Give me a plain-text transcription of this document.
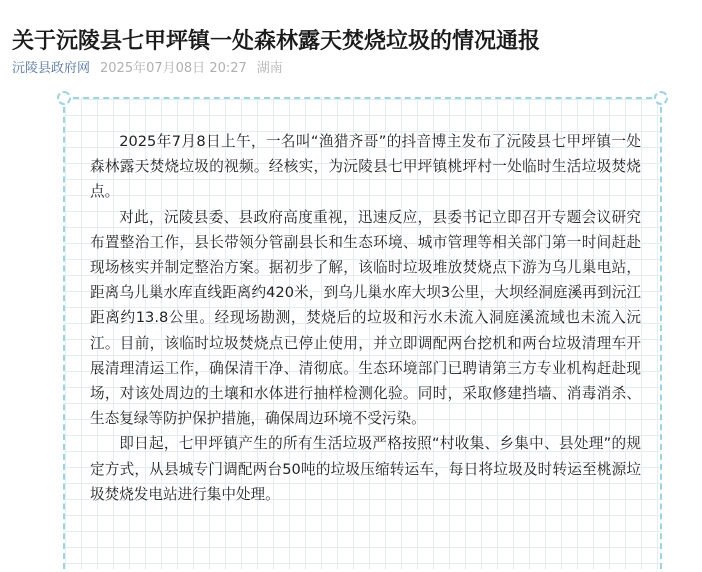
关于沅陵县七甲坪镇一处森林露天焚烧垃圾的情况通报
沅陵县政府网 2025年07月08日 20:27 湖南

2025年7月8日上午，一名叫“渔猎齐哥”的抖音博主发布了沅陵县七甲坪镇一处森林露天焚烧垃圾的视频。经核实，为沅陵县七甲坪镇桃坪村一处临时生活垃圾焚烧点。

对此，沅陵县委、县政府高度重视，迅速反应，县委书记立即召开专题会议研究布置整治工作，县长带领分管副县长和生态环境、城市管理等相关部门第一时间赶赴现场核实并制定整治方案。据初步了解，该临时垃圾堆放焚烧点下游为乌儿巢电站，距离乌儿巢水库直线距离约420米，到乌儿巢水库大坝3公里，大坝经洞庭溪再到沅江距离约13.8公里。经现场勘测，焚烧后的垃圾和污水未流入洞庭溪流域也未流入沅江。目前，该临时垃圾焚烧点已停止使用，并立即调配两台挖机和两台垃圾清理车开展清理清运工作，确保清干净、清彻底。生态环境部门已聘请第三方专业机构赶赴现场，对该处周边的土壤和水体进行抽样检测化验。同时，采取修建挡墙、消毒消杀、生态复绿等防护保护措施，确保周边环境不受污染。

即日起，七甲坪镇产生的所有生活垃圾严格按照“村收集、乡集中、县处理”的规定方式，从县城专门调配两台50吨的垃圾压缩转运车，每日将垃圾及时转运至桃源垃圾焚烧发电站进行集中处理。
